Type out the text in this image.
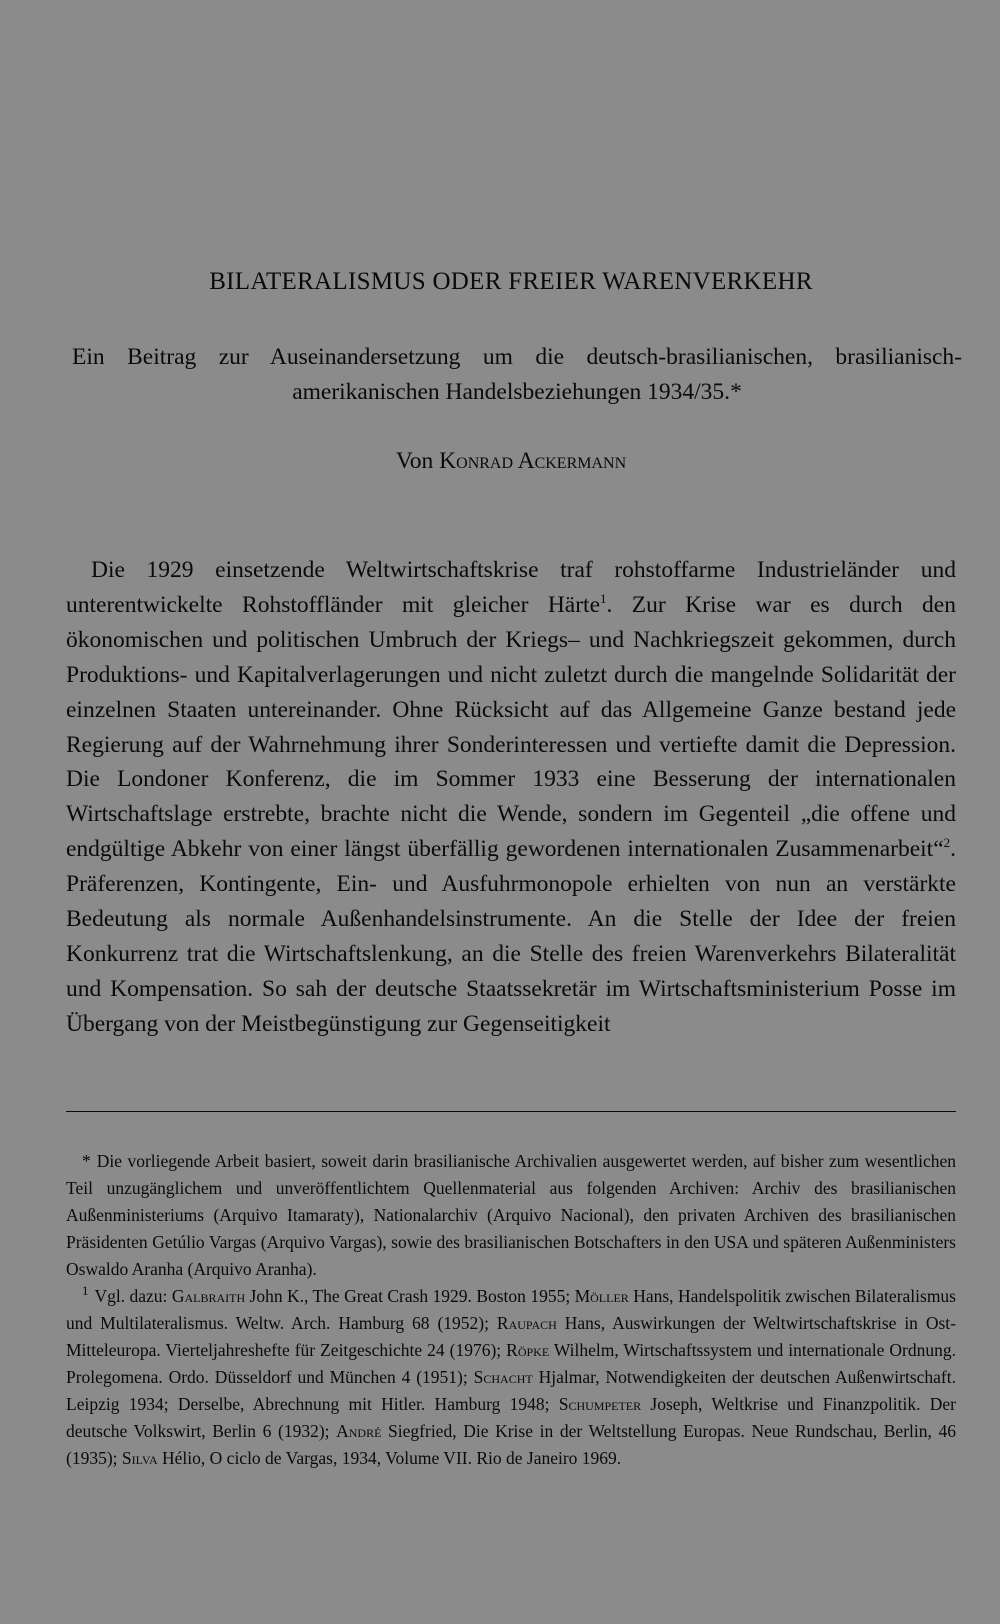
BILATERALISMUS ODER FREIER WARENVERKEHR
Ein Beitrag zur Auseinandersetzung um die deutsch-brasilianischen, brasilianisch-
amerikanischen Handelsbeziehungen 1934/35.*
Von Konrad Ackermann

Die 1929 einsetzende Weltwirtschaftskrise traf rohstoffarme Industrieländer und unterentwickelte Rohstoffländer mit gleicher Härte$^1$. Zur Krise war es durch den ökonomischen und politischen Umbruch der Kriegs– und Nachkriegszeit gekommen, durch Produktions- und Kapitalverlagerungen und nicht zuletzt durch die mangelnde Solidarität der einzelnen Staaten untereinander. Ohne Rücksicht auf das Allgemeine Ganze bestand jede Regierung auf der Wahrnehmung ihrer Sonderinteressen und vertiefte damit die Depression. Die Londoner Konferenz, die im Sommer 1933 eine Besserung der internationalen Wirtschaftslage erstrebte, brachte nicht die Wende, sondern im Gegenteil „die offene und endgültige Abkehr von einer längst überfällig gewordenen internationalen Zusammenarbeit“$^2$. Präferenzen, Kontingente, Ein- und Ausfuhrmonopole erhielten von nun an verstärkte Bedeutung als normale Außenhandelsinstrumente. An die Stelle der Idee der freien Konkurrenz trat die Wirtschaftslenkung, an die Stelle des freien Warenverkehrs Bilateralität und Kompensation. So sah der deutsche Staatssekretär im Wirtschaftsministerium Posse im Übergang von der Meistbegünstigung zur Gegenseitigkeit

* Die vorliegende Arbeit basiert, soweit darin brasilianische Archivalien ausgewertet werden, auf bisher zum wesentlichen Teil unzugänglichem und unveröffentlichtem Quellenmaterial aus folgenden Archiven: Archiv des brasilianischen Außenministeriums (Arquivo Itamaraty), Nationalarchiv (Arquivo Nacional), den privaten Archiven des brasilianischen Präsidenten Getúlio Vargas (Arquivo Vargas), sowie des brasilianischen Botschafters in den USA und späteren Außenministers Oswaldo Aranha (Arquivo Aranha).

$^1$ Vgl. dazu: Galbraith John K., The Great Crash 1929. Boston 1955; Möller Hans, Handelspolitik zwischen Bilateralismus und Multilateralismus. Weltw. Arch. Hamburg 68 (1952); Raupach Hans, Auswirkungen der Weltwirtschaftskrise in Ost-Mitteleuropa. Vierteljahreshefte für Zeitgeschichte 24 (1976); Röpke Wilhelm, Wirtschaftssystem und internationale Ordnung. Prolegomena. Ordo. Düsseldorf und München 4 (1951); Schacht Hjalmar, Notwendigkeiten der deutschen Außenwirtschaft. Leipzig 1934; Derselbe, Abrechnung mit Hitler. Hamburg 1948; Schumpeter Joseph, Weltkrise und Finanzpolitik. Der deutsche Volkswirt, Berlin 6 (1932); André Siegfried, Die Krise in der Weltstellung Europas. Neue Rundschau, Berlin, 46 (1935); Silva Hélio, O ciclo de Vargas, 1934, Volume VII. Rio de Janeiro 1969.
